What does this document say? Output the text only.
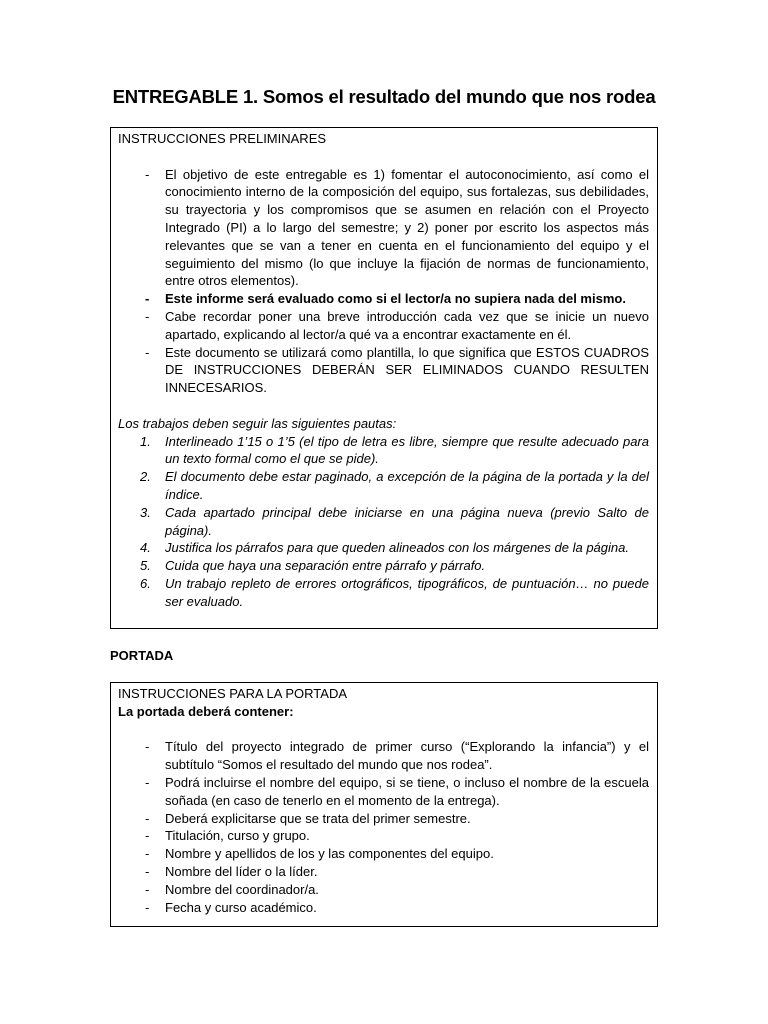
ENTREGABLE 1. Somos el resultado del mundo que nos rodea

INSTRUCCIONES PRELIMINARES

- El objetivo de este entregable es 1) fomentar el autoconocimiento, así como el conocimiento interno de la composición del equipo, sus fortalezas, sus debilidades, su trayectoria y los compromisos que se asumen en relación con el Proyecto Integrado (PI) a lo largo del semestre; y 2) poner por escrito los aspectos más relevantes que se van a tener en cuenta en el funcionamiento del equipo y el seguimiento del mismo (lo que incluye la fijación de normas de funcionamiento, entre otros elementos).
- Este informe será evaluado como si el lector/a no supiera nada del mismo.
- Cabe recordar poner una breve introducción cada vez que se inicie un nuevo apartado, explicando al lector/a qué va a encontrar exactamente en él.
- Este documento se utilizará como plantilla, lo que significa que ESTOS CUADROS DE INSTRUCCIONES DEBERÁN SER ELIMINADOS CUANDO RESULTEN INNECESARIOS.

Los trabajos deben seguir las siguientes pautas:

1. Interlineado 1’15 o 1’5 (el tipo de letra es libre, siempre que resulte adecuado para un texto formal como el que se pide).
2. El documento debe estar paginado, a excepción de la página de la portada y la del índice.
3. Cada apartado principal debe iniciarse en una página nueva (previo Salto de página).
4. Justifica los párrafos para que queden alineados con los márgenes de la página.
5. Cuida que haya una separación entre párrafo y párrafo.
6. Un trabajo repleto de errores ortográficos, tipográficos, de puntuación… no puede ser evaluado.
PORTADA

INSTRUCCIONES PARA LA PORTADA

La portada deberá contener:

- Título del proyecto integrado de primer curso (“Explorando la infancia”) y el subtítulo “Somos el resultado del mundo que nos rodea”.
- Podrá incluirse el nombre del equipo, si se tiene, o incluso el nombre de la escuela soñada (en caso de tenerlo en el momento de la entrega).
- Deberá explicitarse que se trata del primer semestre.
- Titulación, curso y grupo.
- Nombre y apellidos de los y las componentes del equipo.
- Nombre del líder o la líder.
- Nombre del coordinador/a.
- Fecha y curso académico.
